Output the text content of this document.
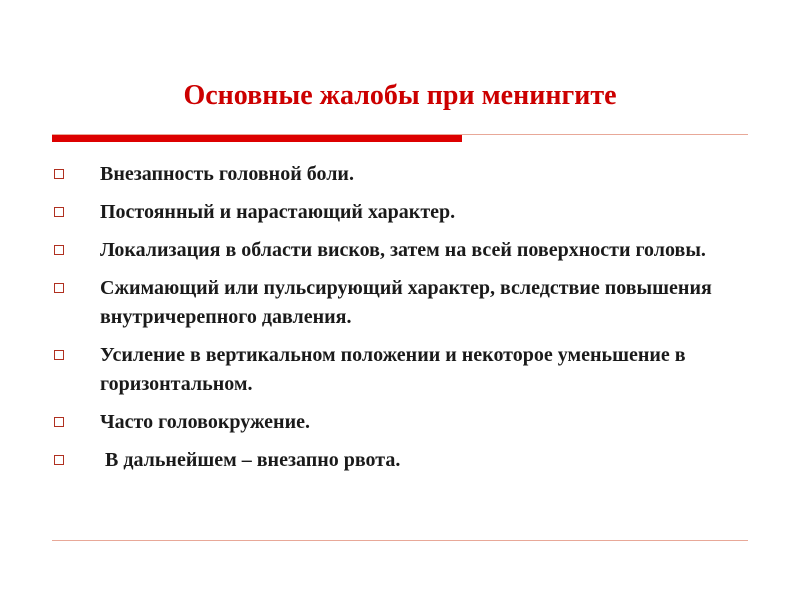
Основные жалобы при менингите
Внезапность головной боли.
Постоянный и нарастающий характер.
Локализация в области висков, затем на всей поверхности головы.
Сжимающий или пульсирующий характер, вследствие повышения внутричерепного давления.
Усиление в вертикальном положении и некоторое уменьшение в горизонтальном.
Часто головокружение.
В дальнейшем – внезапно рвота.
